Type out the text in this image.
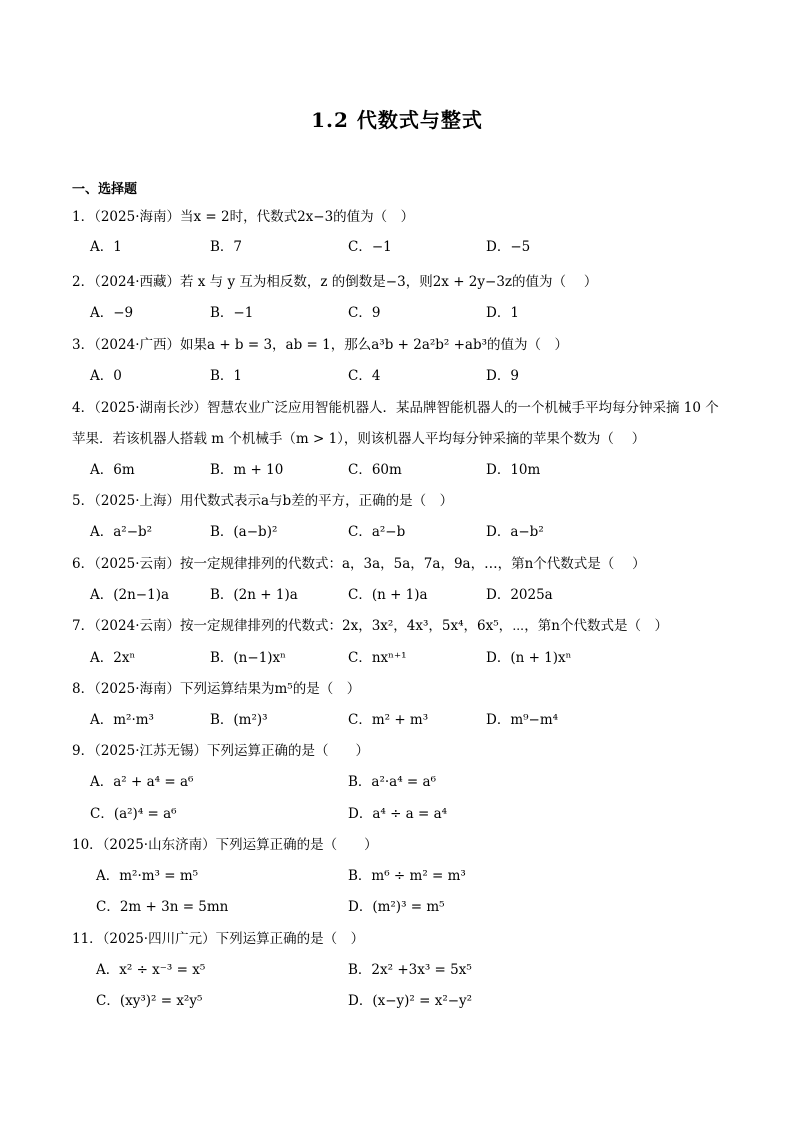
1.2 代数式与整式
一、选择题
1．（2025·海南）当x = 2时，代数式2x−3的值为（　）
A．1	B．7	C．−1	D．−5
2．（2024·西藏）若 x 与 y 互为相反数，z 的倒数是−3，则2x + 2y−3z的值为（　 ）
A．−9	B．−1	C．9	D．1
3．（2024·广西）如果a + b = 3，ab = 1，那么a³b + 2a²b² +ab³的值为（　）
A．0	B．1	C．4	D．9
4．（2025·湖南长沙）智慧农业广泛应用智能机器人．某品牌智能机器人的一个机械手平均每分钟采摘 10 个
苹果．若该机器人搭载 m 个机械手（m > 1），则该机器人平均每分钟采摘的苹果个数为（　 ）
A．6m	B．m + 10	C．60m	D．10m
5．（2025·上海）用代数式表示a与b差的平方，正确的是（　）
A．a²−b²	B．(a−b)²	C．a²−b	D．a−b²
6．（2025·云南）按一定规律排列的代数式：a，3a，5a，7a，9a，…，第n个代数式是（　 ）
A．(2n−1)a	B．(2n + 1)a	C．(n + 1)a	D．2025a
7．（2024·云南）按一定规律排列的代数式：2x，3x²，4x³，5x⁴，6x⁵，⋯，第n个代数式是（　）
A．2xⁿ	B．(n−1)xⁿ	C．nxⁿ⁺¹	D．(n + 1)xⁿ
8．（2025·海南）下列运算结果为m⁵的是（　）
A．m²·m³	B．(m²)³	C．m² + m³	D．m⁹−m⁴
9．（2025·江苏无锡）下列运算正确的是（　　）
A．a² + a⁴ = a⁶	B．a²·a⁴ = a⁶
C．(a²)⁴ = a⁶	D．a⁴ ÷ a = a⁴
10．（2025·山东济南）下列运算正确的是（　　）
A．m²·m³ = m⁵	B．m⁶ ÷ m² = m³
C．2m + 3n = 5mn	D．(m²)³ = m⁵
11．（2025·四川广元）下列运算正确的是（　）
A．x² ÷ x⁻³ = x⁵	B．2x² +3x³ = 5x⁵
C．(xy³)² = x²y⁵	D．(x−y)² = x²−y²
